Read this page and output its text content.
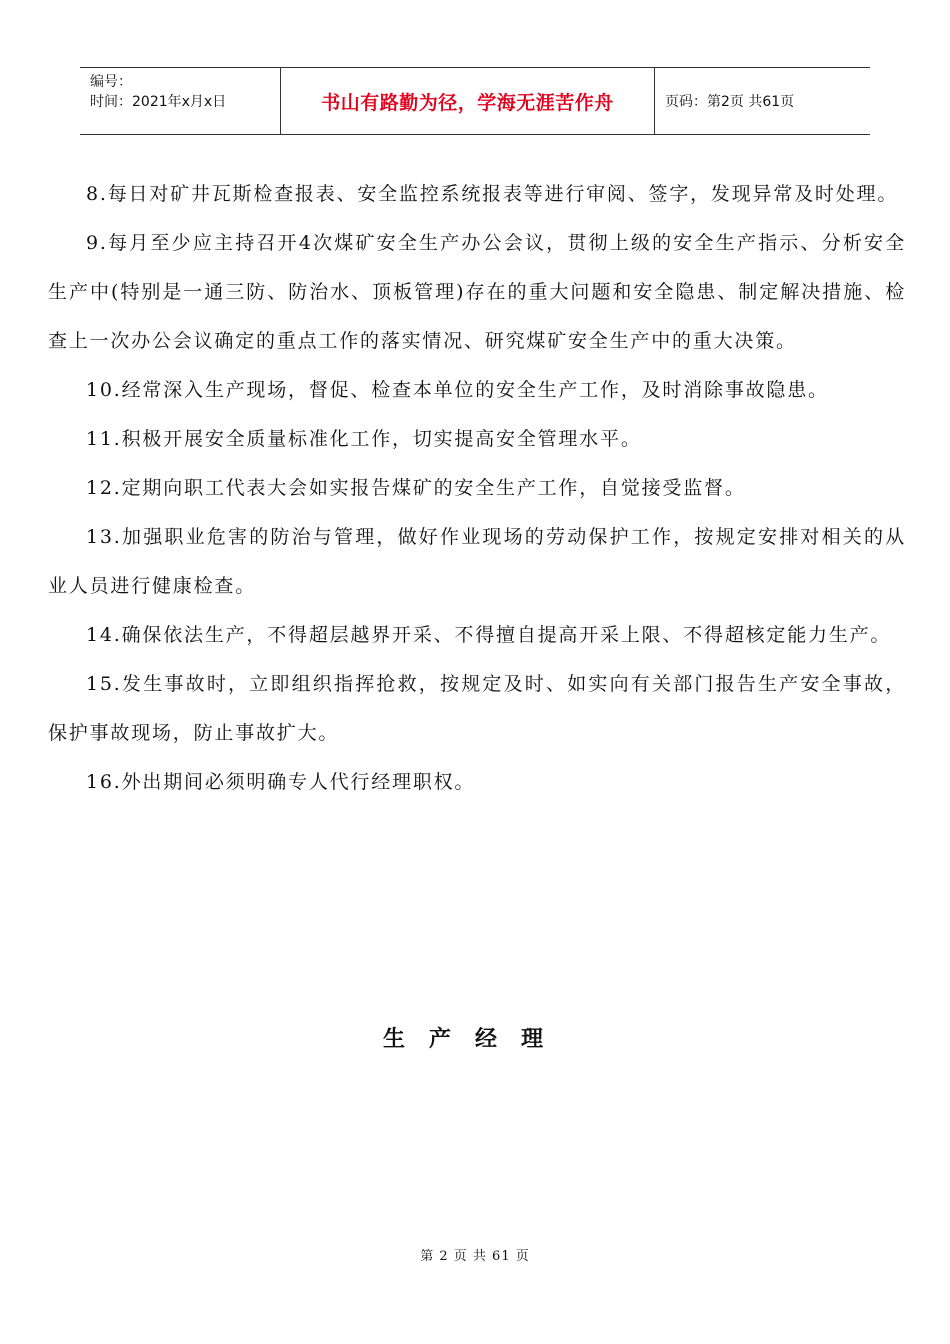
编号：
时间：2021年x月x日	书山有路勤为径，学海无涯苦作舟	页码：第2页 共61页

8.每日对矿井瓦斯检查报表、安全监控系统报表等进行审阅、签字，发现异常及时处理。

9.每月至少应主持召开4次煤矿安全生产办公会议，贯彻上级的安全生产指示、分析安全生产中(特别是一通三防、防治水、顶板管理)存在的重大问题和安全隐患、制定解决措施、检查上一次办公会议确定的重点工作的落实情况、研究煤矿安全生产中的重大决策。

10.经常深入生产现场，督促、检查本单位的安全生产工作，及时消除事故隐患。

11.积极开展安全质量标准化工作，切实提高安全管理水平。

12.定期向职工代表大会如实报告煤矿的安全生产工作，自觉接受监督。

13.加强职业危害的防治与管理，做好作业现场的劳动保护工作，按规定安排对相关的从业人员进行健康检查。

14.确保依法生产，不得超层越界开采、不得擅自提高开采上限、不得超核定能力生产。

15.发生事故时，立即组织指挥抢救，按规定及时、如实向有关部门报告生产安全事故，保护事故现场，防止事故扩大。

16.外出期间必须明确专人代行经理职权。

生产经理
第 2 页 共 61 页
